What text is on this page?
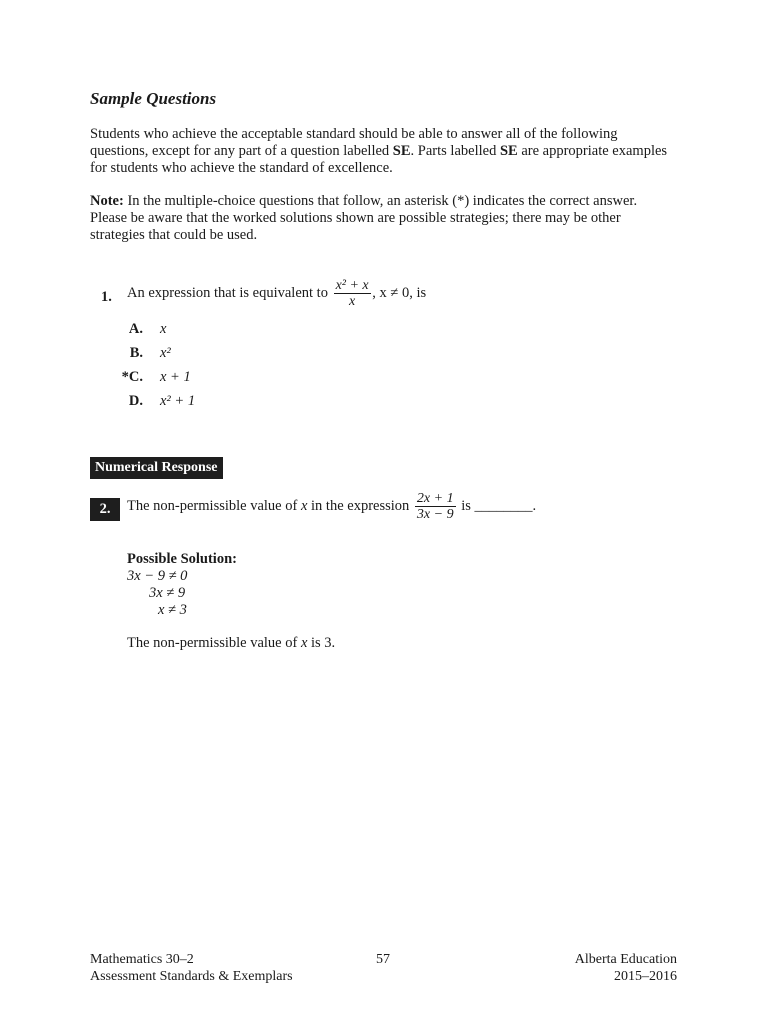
Sample Questions
Students who achieve the acceptable standard should be able to answer all of the following questions, except for any part of a question labelled SE. Parts labelled SE are appropriate examples for students who achieve the standard of excellence.
Note: In the multiple-choice questions that follow, an asterisk (*) indicates the correct answer. Please be aware that the worked solutions shown are possible strategies; there may be other strategies that could be used.
1. An expression that is equivalent to $\frac{\text{x² + x}}{x}$ , x ≠ 0, is
A. x
B. x²
*C. x + 1
D. x² + 1
Numerical Response
2.	The non-permissible value of x in the expression $\frac{2x + 1}{3x - 9}$ is ________.
Possible Solution:
3x − 9 ≠ 0
3x ≠ 9
x ≠ 3
The non-permissible value of x is 3.
Mathematics 30–2
Assessment Standards & Exemplars
57	Alberta Education
2015–2016
